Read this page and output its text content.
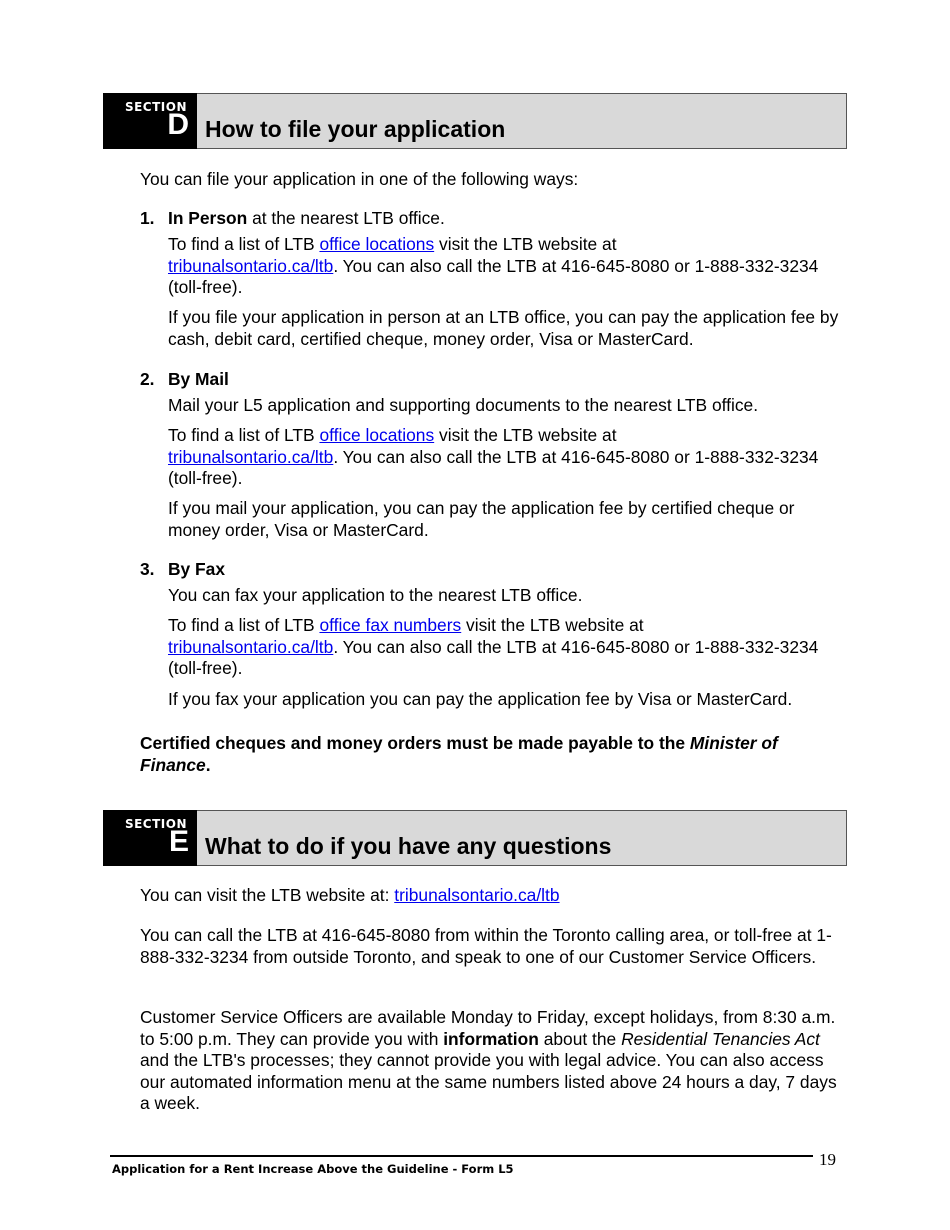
SECTION
D How to file your application

You can file your application in one of the following ways:

1. In Person at the nearest LTB office.

To find a list of LTB office locations visit the LTB website at
tribunalsontario.ca/ltb. You can also call the LTB at 416-645-8080 or 1-888-332-3234 (toll-free).

If you file your application in person at an LTB office, you can pay the application fee by cash, debit card, certified cheque, money order, Visa or MasterCard.

2. By Mail

Mail your L5 application and supporting documents to the nearest LTB office.

To find a list of LTB office locations visit the LTB website at
tribunalsontario.ca/ltb. You can also call the LTB at 416-645-8080 or 1-888-332-3234 (toll-free).

If you mail your application, you can pay the application fee by certified cheque or money order, Visa or MasterCard.

3. By Fax

You can fax your application to the nearest LTB office.

To find a list of LTB office fax numbers visit the LTB website at
tribunalsontario.ca/ltb. You can also call the LTB at 416-645-8080 or 1-888-332-3234 (toll-free).

If you fax your application you can pay the application fee by Visa or MasterCard.

Certified cheques and money orders must be made payable to the Minister of Finance.

SECTION
E What to do if you have any questions

You can visit the LTB website at: tribunalsontario.ca/ltb

You can call the LTB at 416-645-8080 from within the Toronto calling area, or toll-free at 1-888-332-3234 from outside Toronto, and speak to one of our Customer Service Officers.

Customer Service Officers are available Monday to Friday, except holidays, from 8:30 a.m. to 5:00 p.m. They can provide you with information about the Residential Tenancies Act and the LTB's processes; they cannot provide you with legal advice. You can also access our automated information menu at the same numbers listed above 24 hours a day, 7 days a week.

Application for a Rent Increase Above the Guideline - Form L5	19
